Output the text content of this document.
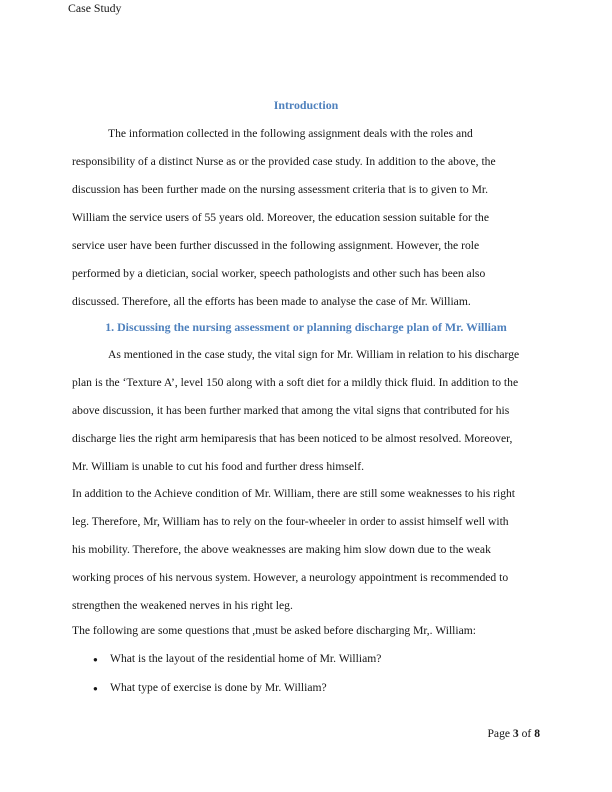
Case Study
Introduction
The information collected in the following assignment deals with the roles and
responsibility of a distinct Nurse as or the provided case study. In addition to the above, the
discussion has been further made on the nursing assessment criteria that is to given to Mr.
William the service users of 55 years old. Moreover, the education session suitable for the
service user have been further discussed in the following assignment. However, the role
performed by a dietician, social worker, speech pathologists and other such has been also
discussed. Therefore, all the efforts has been made to analyse the case of Mr. William.
1. Discussing the nursing assessment or planning discharge plan of Mr. William
As mentioned in the case study, the vital sign for Mr. William in relation to his discharge
plan is the ‘Texture A’, level 150 along with a soft diet for a mildly thick fluid. In addition to the
above discussion, it has been further marked that among the vital signs that contributed for his
discharge lies the right arm hemiparesis that has been noticed to be almost resolved. Moreover,
Mr. William is unable to cut his food and further dress himself.
In addition to the Achieve condition of Mr. William, there are still some weaknesses to his right
leg. Therefore, Mr, William has to rely on the four-wheeler in order to assist himself well with
his mobility. Therefore, the above weaknesses are making him slow down due to the weak
working proces of his nervous system. However, a neurology appointment is recommended to
strengthen the weakened nerves in his right leg.
The following are some questions that ,must be asked before discharging Mr,. William:
●	What is the layout of the residential home of Mr. William?
●	What type of exercise is done by Mr. William?
Page 3 of 8
